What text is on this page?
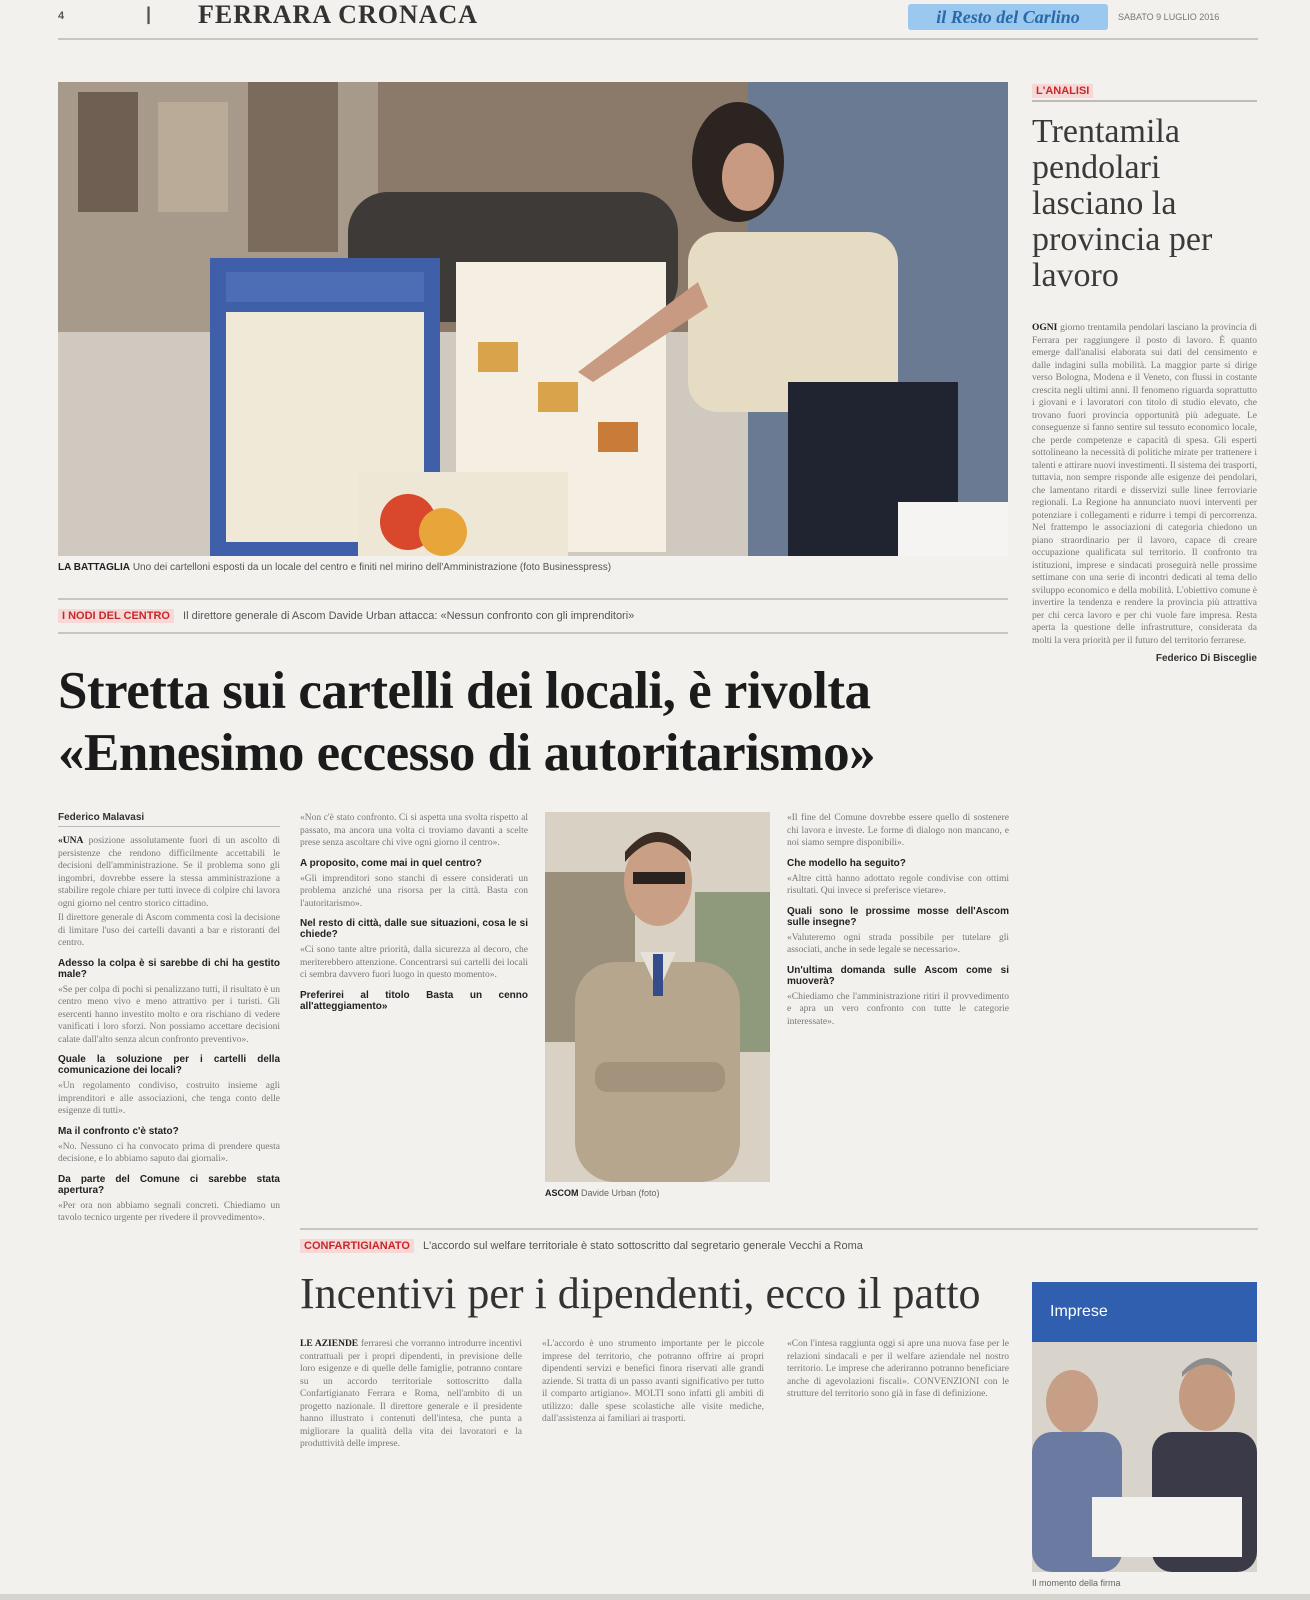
4	| FERRARA CRONACA	il Resto del Carlino	SABATO 9 LUGLIO 2016
LA BATTAGLIA Uno dei cartelloni esposti da un locale del centro e finiti nel mirino dell'Amministrazione (foto Businesspress)
I NODI DEL CENTRO Il direttore generale di Ascom Davide Urban attacca: «Nessun confronto con gli imprenditori»
Stretta sui cartelli dei locali, è rivolta
«Ennesimo eccesso di autoritarismo»
Federico Malavasi

«UNA posizione assolutamente fuori di un ascolto di persistenze che rendono difficilmente accettabili le decisioni dell'amministrazione. Se il problema sono gli ingombri, dovrebbe essere la stessa amministrazione a stabilire regole chiare per tutti invece di colpire chi lavora ogni giorno nel centro storico cittadino.

Il direttore generale di Ascom commenta così la decisione di limitare l'uso dei cartelli davanti a bar e ristoranti del centro.

Adesso la colpa è si sarebbe di chi ha gestito male?

«Se per colpa di pochi si penalizzano tutti, il risultato è un centro meno vivo e meno attrattivo per i turisti. Gli esercenti hanno investito molto e ora rischiano di vedere vanificati i loro sforzi. Non possiamo accettare decisioni calate dall'alto senza alcun confronto preventivo».

Quale la soluzione per i cartelli della comunicazione dei locali?

«Un regolamento condiviso, costruito insieme agli imprenditori e alle associazioni, che tenga conto delle esigenze di tutti».

Ma il confronto c'è stato?

«No. Nessuno ci ha convocato prima di prendere questa decisione, e lo abbiamo saputo dai giornali».

Da parte del Comune ci sarebbe stata apertura?

«Per ora non abbiamo segnali concreti. Chiediamo un tavolo tecnico urgente per rivedere il provvedimento».

«Non c'è stato confronto. Ci si aspetta una svolta rispetto al passato, ma ancora una volta ci troviamo davanti a scelte prese senza ascoltare chi vive ogni giorno il centro».

A proposito, come mai in quel centro?

«Gli imprenditori sono stanchi di essere considerati un problema anziché una risorsa per la città. Basta con l'autoritarismo».

Nel resto di città, dalle sue situazioni, cosa le si chiede?

«Ci sono tante altre priorità, dalla sicurezza al decoro, che meriterebbero attenzione. Concentrarsi sui cartelli dei locali ci sembra davvero fuori luogo in questo momento».

Preferirei al titolo Basta un cenno all'atteggiamento»
ASCOM Davide Urban (foto)

«Il fine del Comune dovrebbe essere quello di sostenere chi lavora e investe. Le forme di dialogo non mancano, e noi siamo sempre disponibili».

Che modello ha seguito?

«Altre città hanno adottato regole condivise con ottimi risultati. Qui invece si preferisce vietare».

Quali sono le prossime mosse dell'Ascom sulle insegne?

«Valuteremo ogni strada possibile per tutelare gli associati, anche in sede legale se necessario».

Un'ultima domanda sulle Ascom come si muoverà?

«Chiediamo che l'amministrazione ritiri il provvedimento e apra un vero confronto con tutte le categorie interessate».

L'ANALISI
Trentamila pendolari lasciano la provincia per lavoro

OGNI giorno trentamila pendolari lasciano la provincia di Ferrara per raggiungere il posto di lavoro. È quanto emerge dall'analisi elaborata sui dati del censimento e dalle indagini sulla mobilità. La maggior parte si dirige verso Bologna, Modena e il Veneto, con flussi in costante crescita negli ultimi anni. Il fenomeno riguarda soprattutto i giovani e i lavoratori con titolo di studio elevato, che trovano fuori provincia opportunità più adeguate. Le conseguenze si fanno sentire sul tessuto economico locale, che perde competenze e capacità di spesa. Gli esperti sottolineano la necessità di politiche mirate per trattenere i talenti e attirare nuovi investimenti. Il sistema dei trasporti, tuttavia, non sempre risponde alle esigenze dei pendolari, che lamentano ritardi e disservizi sulle linee ferroviarie regionali. La Regione ha annunciato nuovi interventi per potenziare i collegamenti e ridurre i tempi di percorrenza. Nel frattempo le associazioni di categoria chiedono un piano straordinario per il lavoro, capace di creare occupazione qualificata sul territorio. Il confronto tra istituzioni, imprese e sindacati proseguirà nelle prossime settimane con una serie di incontri dedicati al tema dello sviluppo economico e della mobilità. L'obiettivo comune è invertire la tendenza e rendere la provincia più attrattiva per chi cerca lavoro e per chi vuole fare impresa. Resta aperta la questione delle infrastrutture, considerata da molti la vera priorità per il futuro del territorio ferrarese.

Federico Di Bisceglie
CONFARTIGIANATO L'accordo sul welfare territoriale è stato sottoscritto dal segretario generale Vecchi a Roma
Incentivi per i dipendenti, ecco il patto

LE AZIENDE ferraresi che vorranno introdurre incentivi contrattuali per i propri dipendenti, in previsione delle loro esigenze e di quelle delle famiglie, potranno contare su un accordo territoriale sottoscritto dalla Confartigianato Ferrara e Roma, nell'ambito di un progetto nazionale. Il direttore generale e il presidente hanno illustrato i contenuti dell'intesa, che punta a migliorare la qualità della vita dei lavoratori e la produttività delle imprese.

«L'accordo è uno strumento importante per le piccole imprese del territorio, che potranno offrire ai propri dipendenti servizi e benefici finora riservati alle grandi aziende. Si tratta di un passo avanti significativo per tutto il comparto artigiano». MOLTI sono infatti gli ambiti di utilizzo: dalle spese scolastiche alle visite mediche, dall'assistenza ai familiari ai trasporti.

«Con l'intesa raggiunta oggi si apre una nuova fase per le relazioni sindacali e per il welfare aziendale nel nostro territorio. Le imprese che aderiranno potranno beneficiare anche di agevolazioni fiscali». CONVENZIONI con le strutture del territorio sono già in fase di definizione.

Imprese
Il momento della firma
